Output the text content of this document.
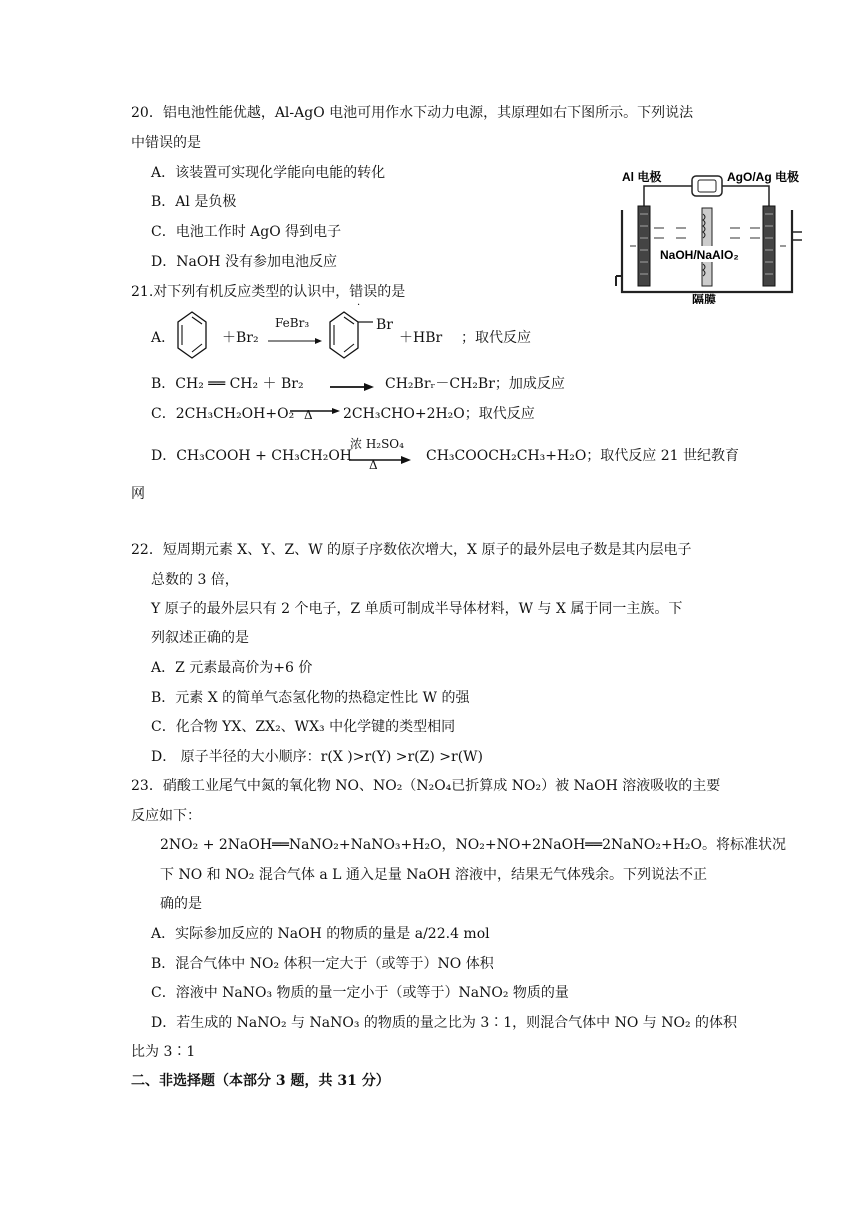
20．铝电池性能优越，Al-AgO 电池可用作水下动力电源，其原理如右下图所示。下列说法
中错误的是
A．该装置可实现化学能向电能的转化
B．Al 是负极
C．电池工作时 AgO 得到电子
D．NaOH 没有参加电池反应
Al 电极	AgO/Ag 电极
NaOH/NaAlO₂
隔膜
21.对下列有机反应类型的认识中，错误的是
·
A．	＋Br₂
FeBr₃	Br
＋HBr ；取代反应
B．CH₂ ══ CH₂ ＋ Br₂ → CH₂Brᵣ－CH₂Br；加成反应
C．2CH₃CH₂OH+O₂ Δ 2CH₃CHO+2H₂O；取代反应
D．CH₃COOH + CH₃CH₂OH
浓 H₂SO₄
Δ
CH₃COOCH₂CH₃+H₂O；取代反应 21 世纪教育
网
22．短周期元素 X、Y、Z、W 的原子序数依次增大，X 原子的最外层电子数是其内层电子
总数的 3 倍，
Y 原子的最外层只有 2 个电子，Z 单质可制成半导体材料，W 与 X 属于同一主族。下
列叙述正确的是
A．Z 元素最高价为+6 价
B．元素 X 的简单气态氢化物的热稳定性比 W 的强
C．化合物 YX、ZX₂、WX₃ 中化学键的类型相同
D． 原子半径的大小顺序：r(X )>r(Y) >r(Z) >r(W)
23．硝酸工业尾气中氮的氧化物 NO、NO₂（N₂O₄已折算成 NO₂）被 NaOH 溶液吸收的主要
反应如下：
2NO₂ + 2NaOH══NaNO₂+NaNO₃+H₂O，NO₂+NO+2NaOH══2NaNO₂+H₂O。将标准状况
下 NO 和 NO₂ 混合气体 a L 通入足量 NaOH 溶液中，结果无气体残余。下列说法不正
确的是
A．实际参加反应的 NaOH 的物质的量是 a/22.4 mol
B．混合气体中 NO₂ 体积一定大于（或等于）NO 体积
C．溶液中 NaNO₃ 物质的量一定小于（或等于）NaNO₂ 物质的量
D．若生成的 NaNO₂ 与 NaNO₃ 的物质的量之比为 3∶1，则混合气体中 NO 与 NO₂ 的体积
比为 3∶1
二、非选择题（本部分 3 题，共 31 分）
